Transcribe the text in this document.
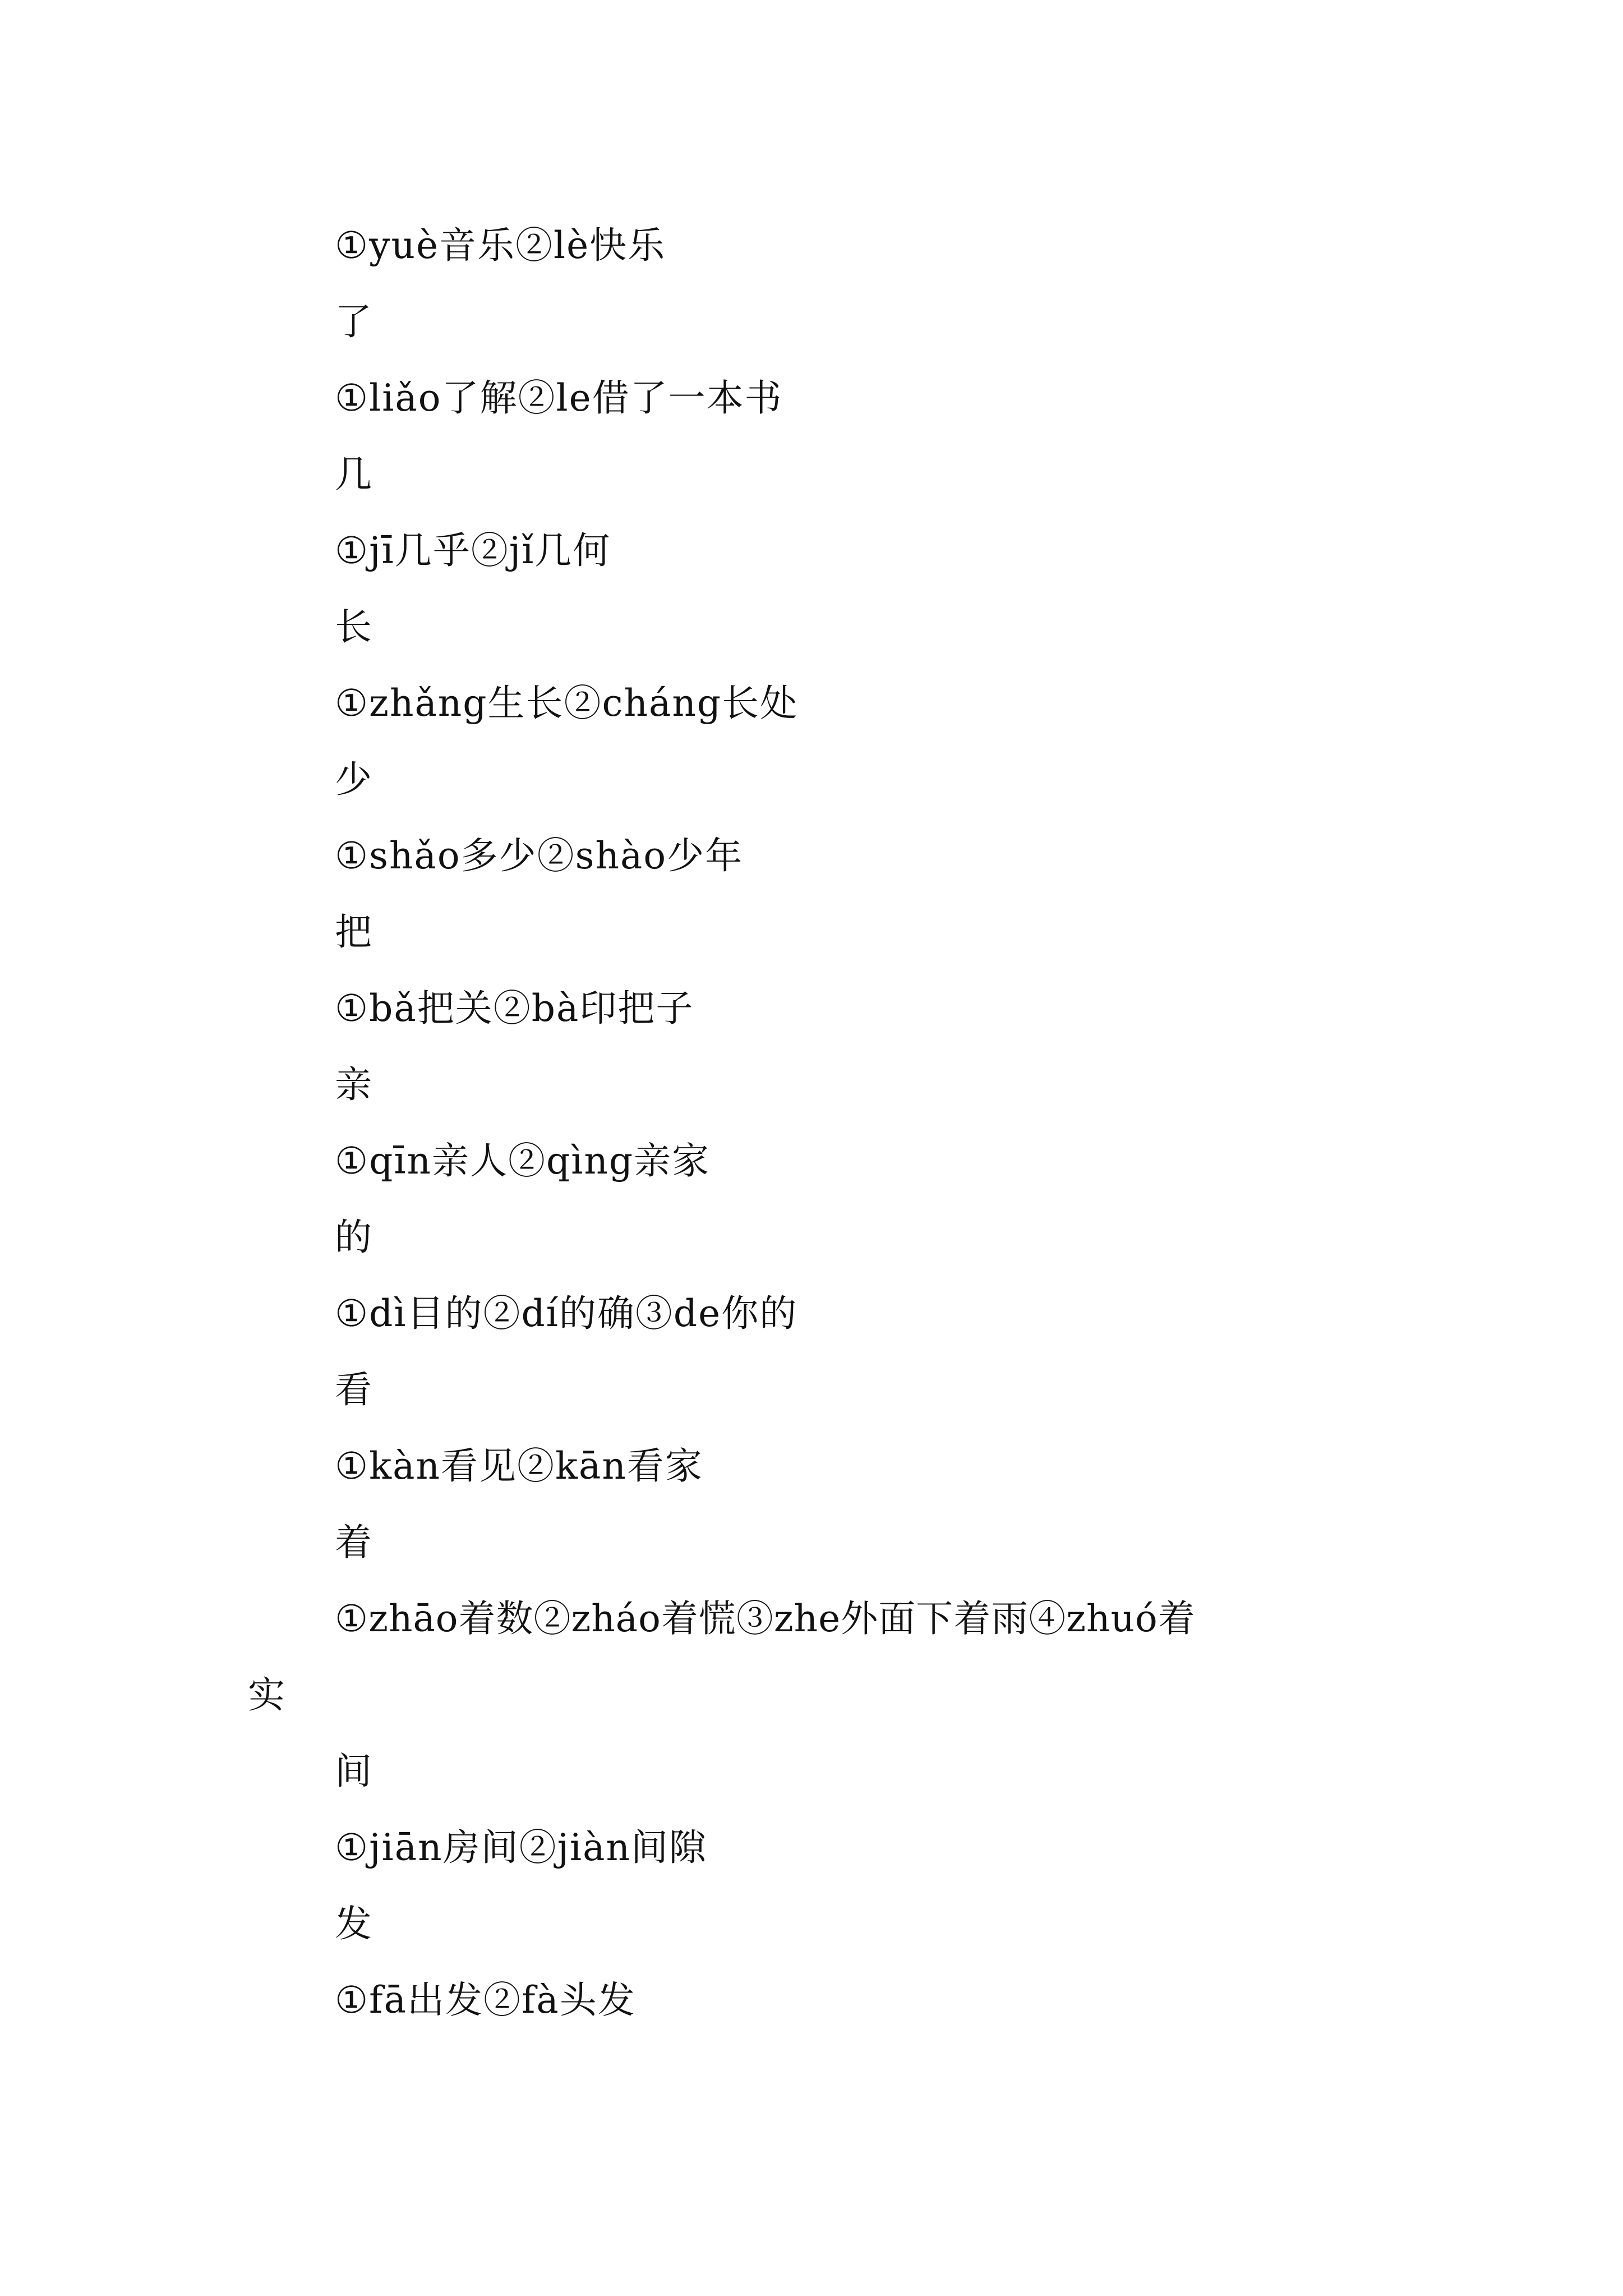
①yuè音乐②lè快乐

了

①liǎo了解②le借了一本书

几

①jī几乎②jǐ几何

长

①zhǎng生长②cháng长处

少

①shǎo多少②shào少年

把

①bǎ把关②bà印把子

亲

①qīn亲人②qìng亲家

的

①dì目的②dí的确③de你的

看

①kàn看见②kān看家

着

①zhāo着数②zháo着慌③zhe外面下着雨④zhuó着

实

间

①jiān房间②jiàn间隙

发

①fā出发②fà头发
